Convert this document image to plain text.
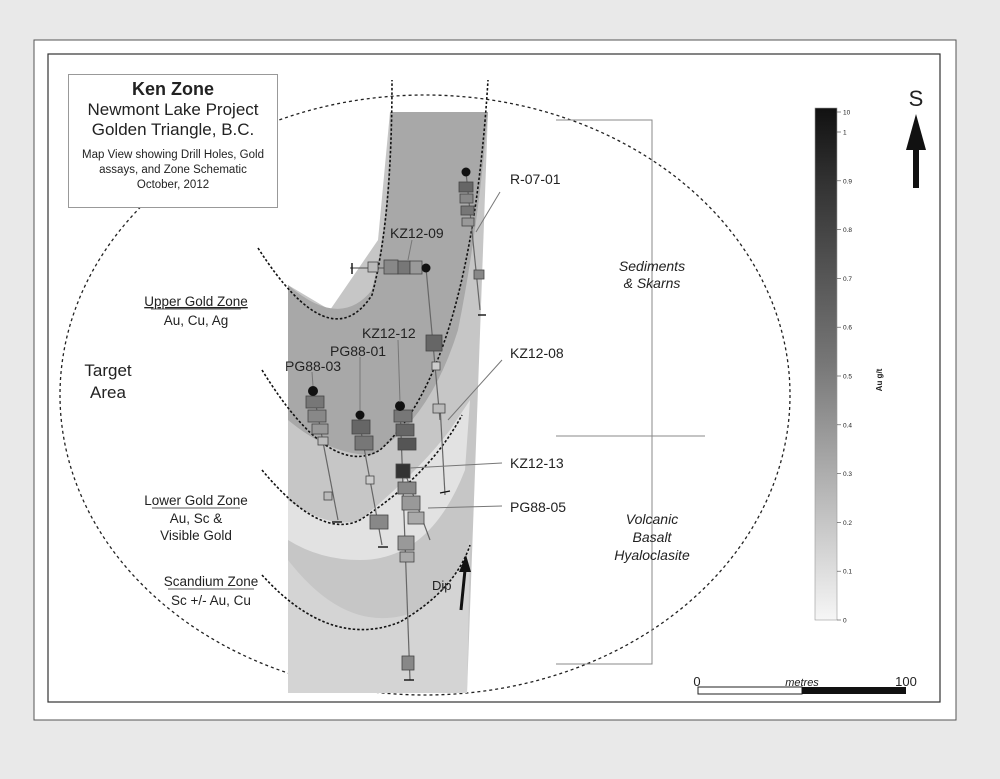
R-07-01
KZ12-09
KZ12-12
PG88-01
PG88-03
KZ12-08
KZ12-13
PG88-05
Target
Area
Upper Gold Zone
Au, Cu, Ag
Lower Gold Zone
Au, Sc &
Visible Gold
Scandium Zone
Sc +/- Au, Cu
Dip
Sediments
& Skarns
Volcanic
Basalt
Hyaloclasite
S
10
1
0.9
0.8
0.7
0.6
0.5
0.4
0.3
0.2
0.1
0
Au g/t
0	100
metres
Ken Zone
Newmont Lake Project
Golden Triangle, B.C.
Map View showing Drill Holes, Gold
assays, and Zone Schematic
October, 2012
